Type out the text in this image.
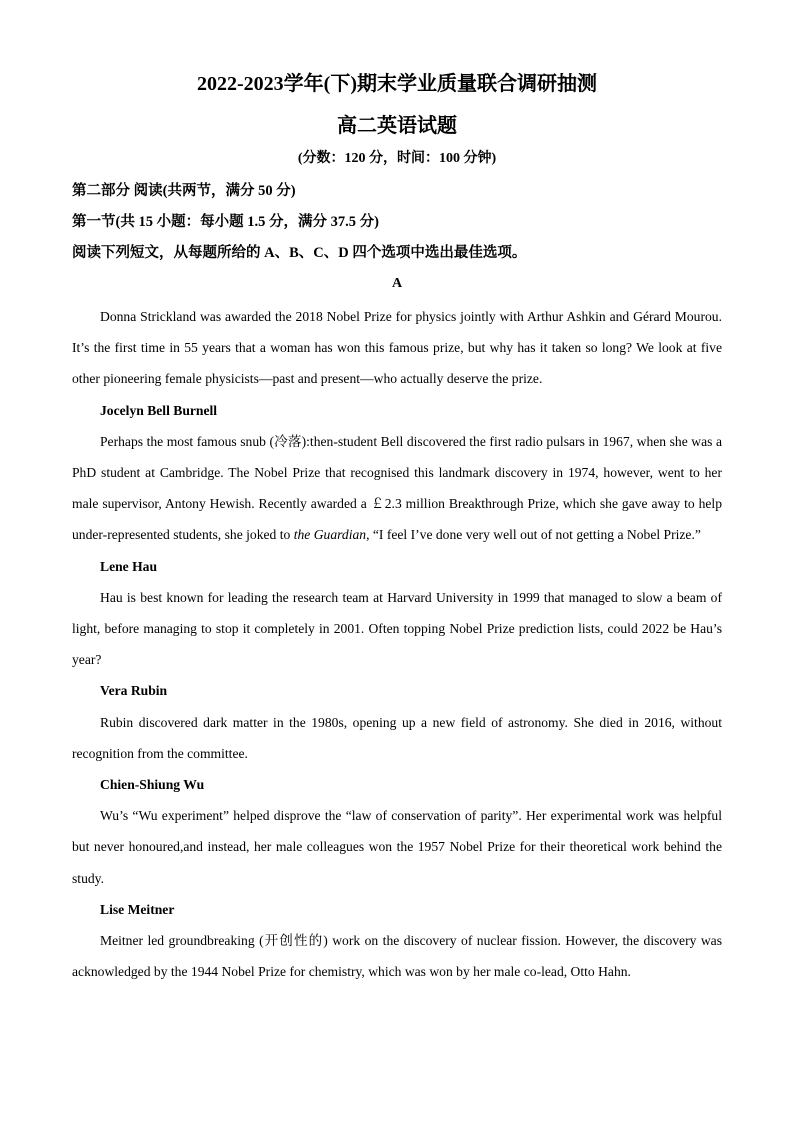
2022-2023学年(下)期末学业质量联合调研抽测
高二英语试题
(分数：120 分，时间：100 分钟)
第二部分 阅读(共两节，满分 50 分)
第一节(共 15 小题：每小题 1.5 分，满分 37.5 分)
阅读下列短文，从每题所给的 A、B、C、D 四个选项中选出最佳选项。
A

Donna Strickland was awarded the 2018 Nobel Prize for physics jointly with Arthur Ashkin and Gérard Mourou. It’s the first time in 55 years that a woman has won this famous prize, but why has it taken so long? We look at five other pioneering female physicists—past and present—who actually deserve the prize.

Jocelyn Bell Burnell

Perhaps the most famous snub (冷落):then-student Bell discovered the first radio pulsars in 1967, when she was a PhD student at Cambridge. The Nobel Prize that recognised this landmark discovery in 1974, however, went to her male supervisor, Antony Hewish. Recently awarded a ￡2.3 million Breakthrough Prize, which she gave away to help under-represented students, she joked to the Guardian, “I feel I’ve done very well out of not getting a Nobel Prize.”

Lene Hau

Hau is best known for leading the research team at Harvard University in 1999 that managed to slow a beam of light, before managing to stop it completely in 2001. Often topping Nobel Prize prediction lists, could 2022 be Hau’s year?

Vera Rubin

Rubin discovered dark matter in the 1980s, opening up a new field of astronomy. She died in 2016, without recognition from the committee.

Chien-Shiung Wu

Wu’s “Wu experiment” helped disprove the “law of conservation of parity”. Her experimental work was helpful but never honoured,and instead, her male colleagues won the 1957 Nobel Prize for their theoretical work behind the study.

Lise Meitner

Meitner led groundbreaking (开创性的) work on the discovery of nuclear fission. However, the discovery was acknowledged by the 1944 Nobel Prize for chemistry, which was won by her male co-lead, Otto Hahn.
